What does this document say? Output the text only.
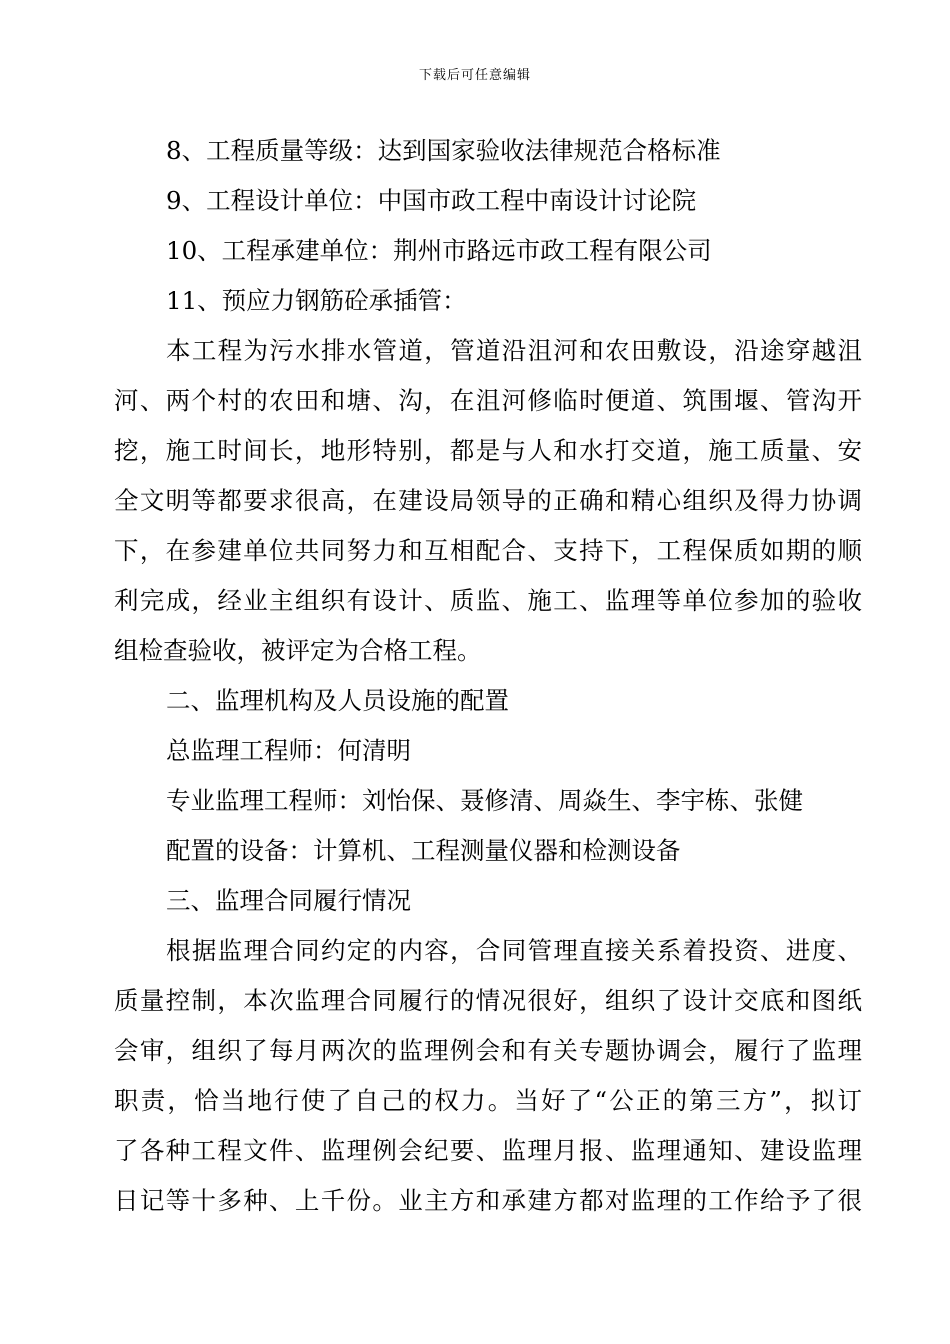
下载后可任意编辑
8、工程质量等级：达到国家验收法律规范合格标准
9、工程设计单位：中国市政工程中南设计讨论院
10、工程承建单位：荆州市路远市政工程有限公司
11、预应力钢筋砼承插管：
本工程为污水排水管道，管道沿沮河和农田敷设，沿途穿越沮
河、两个村的农田和塘、沟，在沮河修临时便道、筑围堰、管沟开
挖，施工时间长，地形特别，都是与人和水打交道，施工质量、安
全文明等都要求很高，在建设局领导的正确和精心组织及得力协调
下，在参建单位共同努力和互相配合、支持下，工程保质如期的顺
利完成，经业主组织有设计、质监、施工、监理等单位参加的验收
组检查验收，被评定为合格工程。
二、监理机构及人员设施的配置
总监理工程师：何清明
专业监理工程师：刘怡保、聂修清、周焱生、李宇栋、张健
配置的设备：计算机、工程测量仪器和检测设备
三、监理合同履行情况
根据监理合同约定的内容，合同管理直接关系着投资、进度、
质量控制，本次监理合同履行的情况很好，组织了设计交底和图纸
会审，组织了每月两次的监理例会和有关专题协调会，履行了监理
职责，恰当地行使了自己的权力。当好了“公正的第三方”，拟订
了各种工程文件、监理例会纪要、监理月报、监理通知、建设监理
日记等十多种、上千份。业主方和承建方都对监理的工作给予了很
